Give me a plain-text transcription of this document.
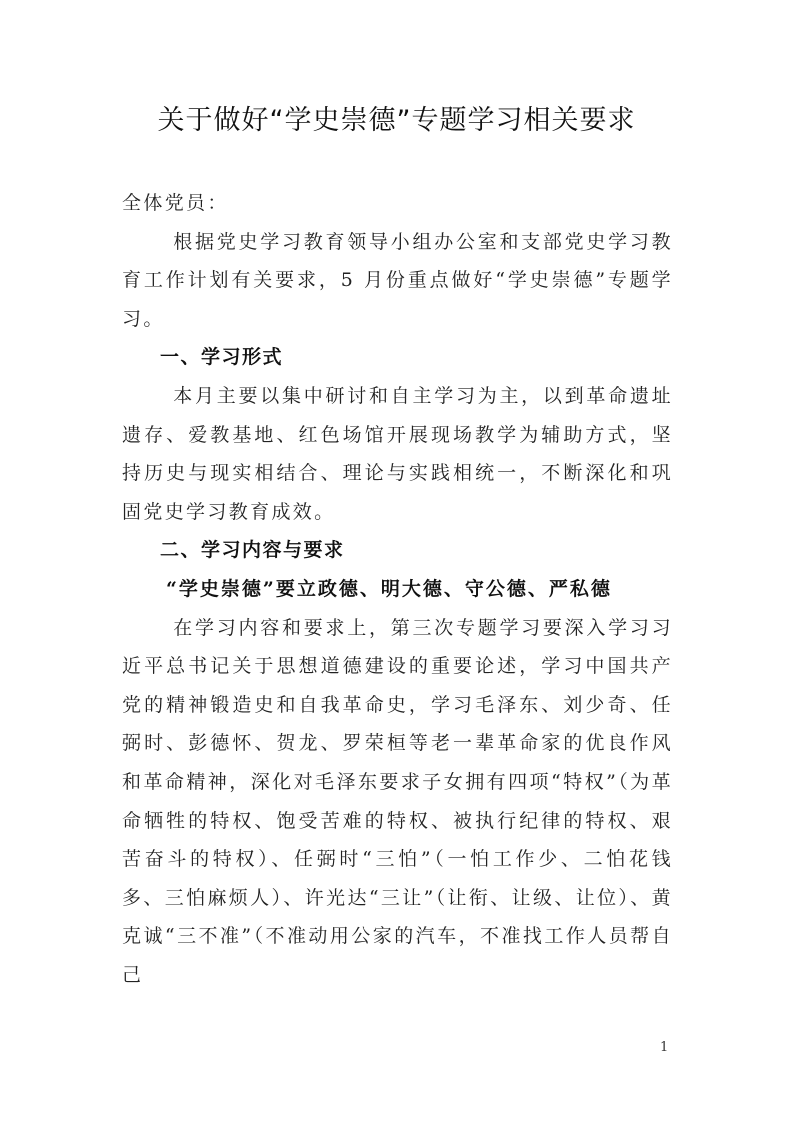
关于做好“学史崇德”专题学习相关要求

全体党员：

根据党史学习教育领导小组办公室和支部党史学习教育工作计划有关要求，5 月份重点做好“学史崇德”专题学习。

一、学习形式

本月主要以集中研讨和自主学习为主，以到革命遗址遗存、爱教基地、红色场馆开展现场教学为辅助方式，坚持历史与现实相结合、理论与实践相统一，不断深化和巩固党史学习教育成效。

二、学习内容与要求

“学史崇德”要立政德、明大德、守公德、严私德

在学习内容和要求上，第三次专题学习要深入学习习近平总书记关于思想道德建设的重要论述，学习中国共产党的精神锻造史和自我革命史，学习毛泽东、刘少奇、任弼时、彭德怀、贺龙、罗荣桓等老一辈革命家的优良作风和革命精神，深化对毛泽东要求子女拥有四项“特权”（为革命牺牲的特权、饱受苦难的特权、被执行纪律的特权、艰苦奋斗的特权）、任弼时“三怕”（一怕工作少、二怕花钱多、三怕麻烦人）、许光达“三让”（让衔、让级、让位）、黄克诚“三不准”（不准动用公家的汽车，不准找工作人员帮自己

1
